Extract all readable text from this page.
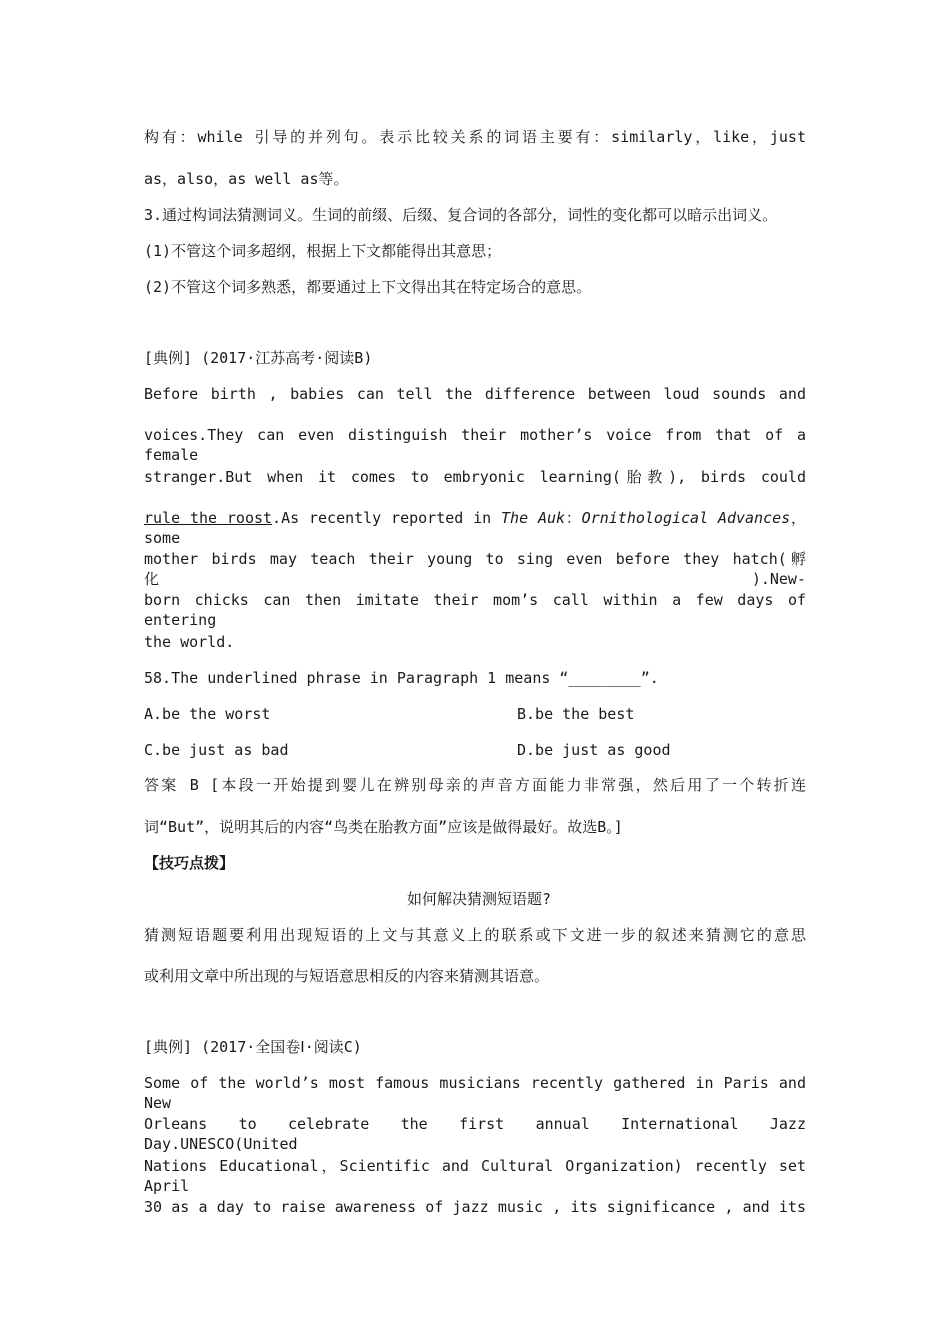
构有：while 引导的并列句。表示比较关系的词语主要有：similarly，like，just
as，also，as well as等。
3.通过构词法猜测词义。生词的前缀、后缀、复合词的各部分，词性的变化都可以暗示出词义。
(1)不管这个词多超纲，根据上下文都能得出其意思；
(2)不管这个词多熟悉，都要通过上下文得出其在特定场合的意思。
[典例] (2017·江苏高考·阅读B)
Before birth , babies can tell the difference between loud sounds and
voices.They can even distinguish their mother’s voice from that of a female
stranger.But when it comes to embryonic learning(胎教), birds could
rule the roost.As recently reported in The Auk：Ornithological Advances，some
mother birds may teach their young to sing even before they hatch(孵化).New-
born chicks can then imitate their mom’s call within a few days of entering
the world.
58.The underlined phrase in Paragraph 1 means “________”.
A.be the worst	B.be the best
C.be just as bad	D.be just as good
答案 B [本段一开始提到婴儿在辨别母亲的声音方面能力非常强，然后用了一个转折连
词“But”，说明其后的内容“鸟类在胎教方面”应该是做得最好。故选B。]
【技巧点拨】
如何解决猜测短语题?
猜测短语题要利用出现短语的上文与其意义上的联系或下文进一步的叙述来猜测它的意思
或利用文章中所出现的与短语意思相反的内容来猜测其语意。
[典例] (2017·全国卷Ⅰ·阅读C)
Some of the world’s most famous musicians recently gathered in Paris and New
Orleans to celebrate the first annual International Jazz Day.UNESCO(United
Nations Educational，Scientific and Cultural Organization) recently set April
30 as a day to raise awareness of jazz music , its significance , and its
